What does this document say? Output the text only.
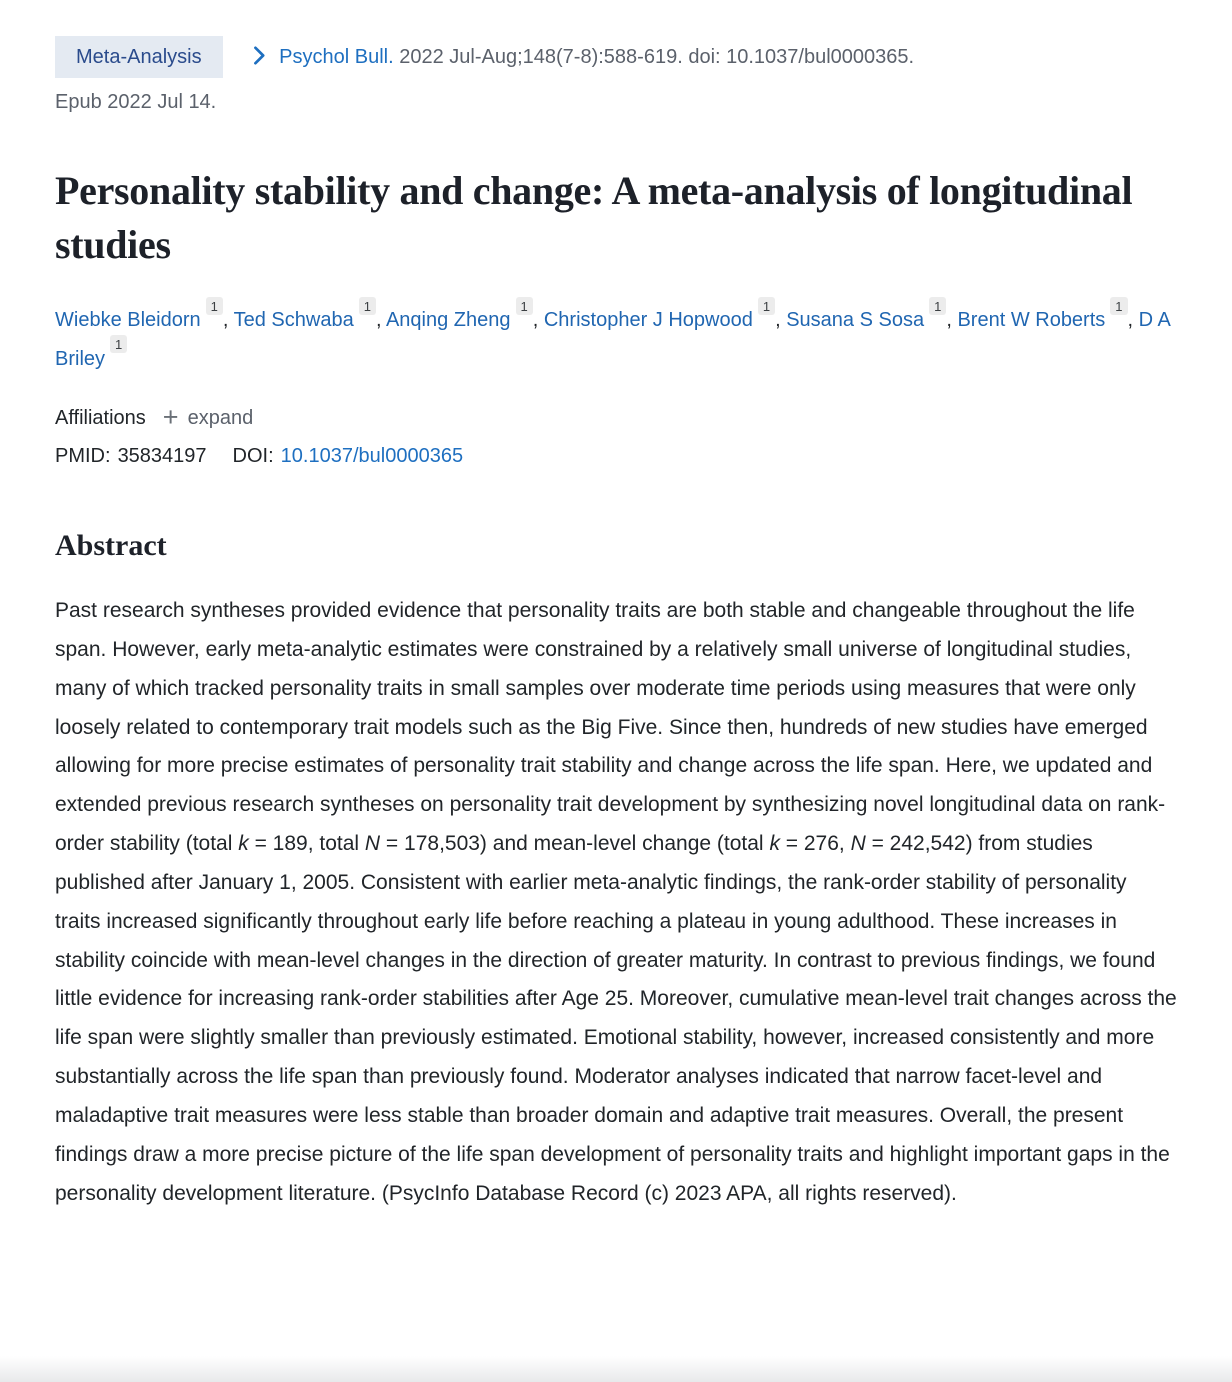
Meta-Analysis	Psychol Bull. 2022 Jul-Aug;148(7-8):588-619. doi: 10.1037/bul0000365.
Epub 2022 Jul 14.
Personality stability and change: A meta-analysis of longitudinal studies
Wiebke Bleidorn$^1$, Ted Schwaba$^1$, Anqing Zheng$^1$, Christopher J Hopwood$^1$, Susana S Sosa$^1$, Brent W Roberts$^1$, D A Briley$^1$
Affiliations + expand
PMID: 35834197 DOI: 10.1037/bul0000365
Abstract

Past research syntheses provided evidence that personality traits are both stable and changeable throughout the life span. However, early meta-analytic estimates were constrained by a relatively small universe of longitudinal studies, many of which tracked personality traits in small samples over moderate time periods using measures that were only loosely related to contemporary trait models such as the Big Five. Since then, hundreds of new studies have emerged allowing for more precise estimates of personality trait stability and change across the life span. Here, we updated and extended previous research syntheses on personality trait development by synthesizing novel longitudinal data on rank-order stability (total k = 189, total N = 178,503) and mean-level change (total k = 276, N = 242,542) from studies published after January 1, 2005. Consistent with earlier meta-analytic findings, the rank-order stability of personality traits increased significantly throughout early life before reaching a plateau in young adulthood. These increases in stability coincide with mean-level changes in the direction of greater maturity. In contrast to previous findings, we found little evidence for increasing rank-order stabilities after Age 25. Moreover, cumulative mean-level trait changes across the life span were slightly smaller than previously estimated. Emotional stability, however, increased consistently and more substantially across the life span than previously found. Moderator analyses indicated that narrow facet-level and maladaptive trait measures were less stable than broader domain and adaptive trait measures. Overall, the present findings draw a more precise picture of the life span development of personality traits and highlight important gaps in the personality development literature. (PsycInfo Database Record (c) 2023 APA, all rights reserved).
